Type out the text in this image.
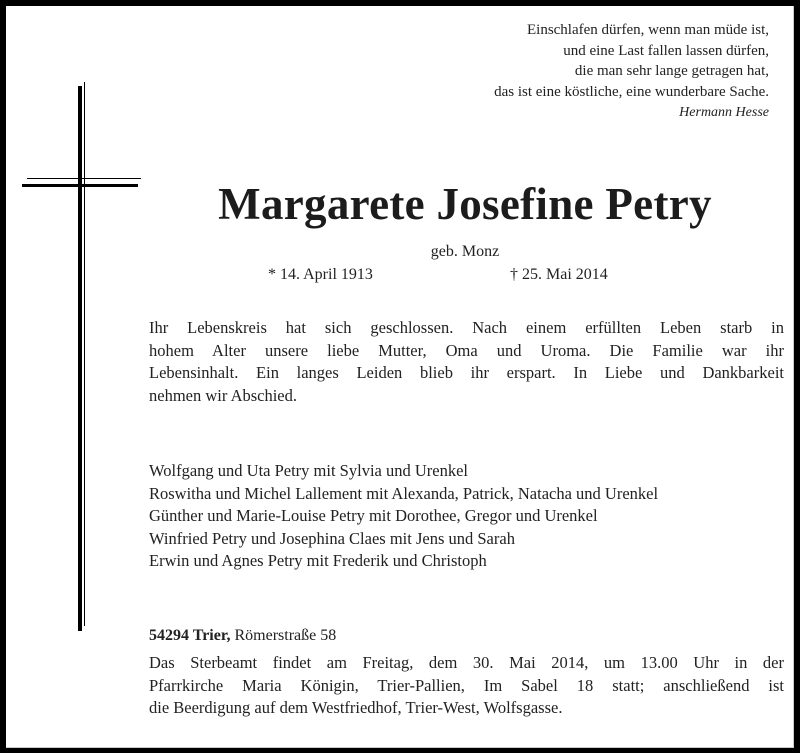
Einschlafen dürfen, wenn man müde ist,
und eine Last fallen lassen dürfen,
die man sehr lange getragen hat,
das ist eine köstliche, eine wunderbare Sache.
Hermann Hesse
Margarete Josefine Petry
geb. Monz
* 14. April 1913	† 25. Mai 2014
Ihr Lebenskreis hat sich geschlossen. Nach einem erfüllten Leben starb in
hohem Alter unsere liebe Mutter, Oma und Uroma. Die Familie war ihr
Lebensinhalt. Ein langes Leiden blieb ihr erspart. In Liebe und Dankbarkeit
nehmen wir Abschied.
Wolfgang und Uta Petry mit Sylvia und Urenkel
Roswitha und Michel Lallement mit Alexanda, Patrick, Natacha und Urenkel
Günther und Marie-Louise Petry mit Dorothee, Gregor und Urenkel
Winfried Petry und Josephina Claes mit Jens und Sarah
Erwin und Agnes Petry mit Frederik und Christoph
54294 Trier, Römerstraße 58
Das Sterbeamt findet am Freitag, dem 30. Mai 2014, um 13.00 Uhr in der
Pfarrkirche Maria Königin, Trier-Pallien, Im Sabel 18 statt; anschließend ist
die Beerdigung auf dem Westfriedhof, Trier-West, Wolfsgasse.
